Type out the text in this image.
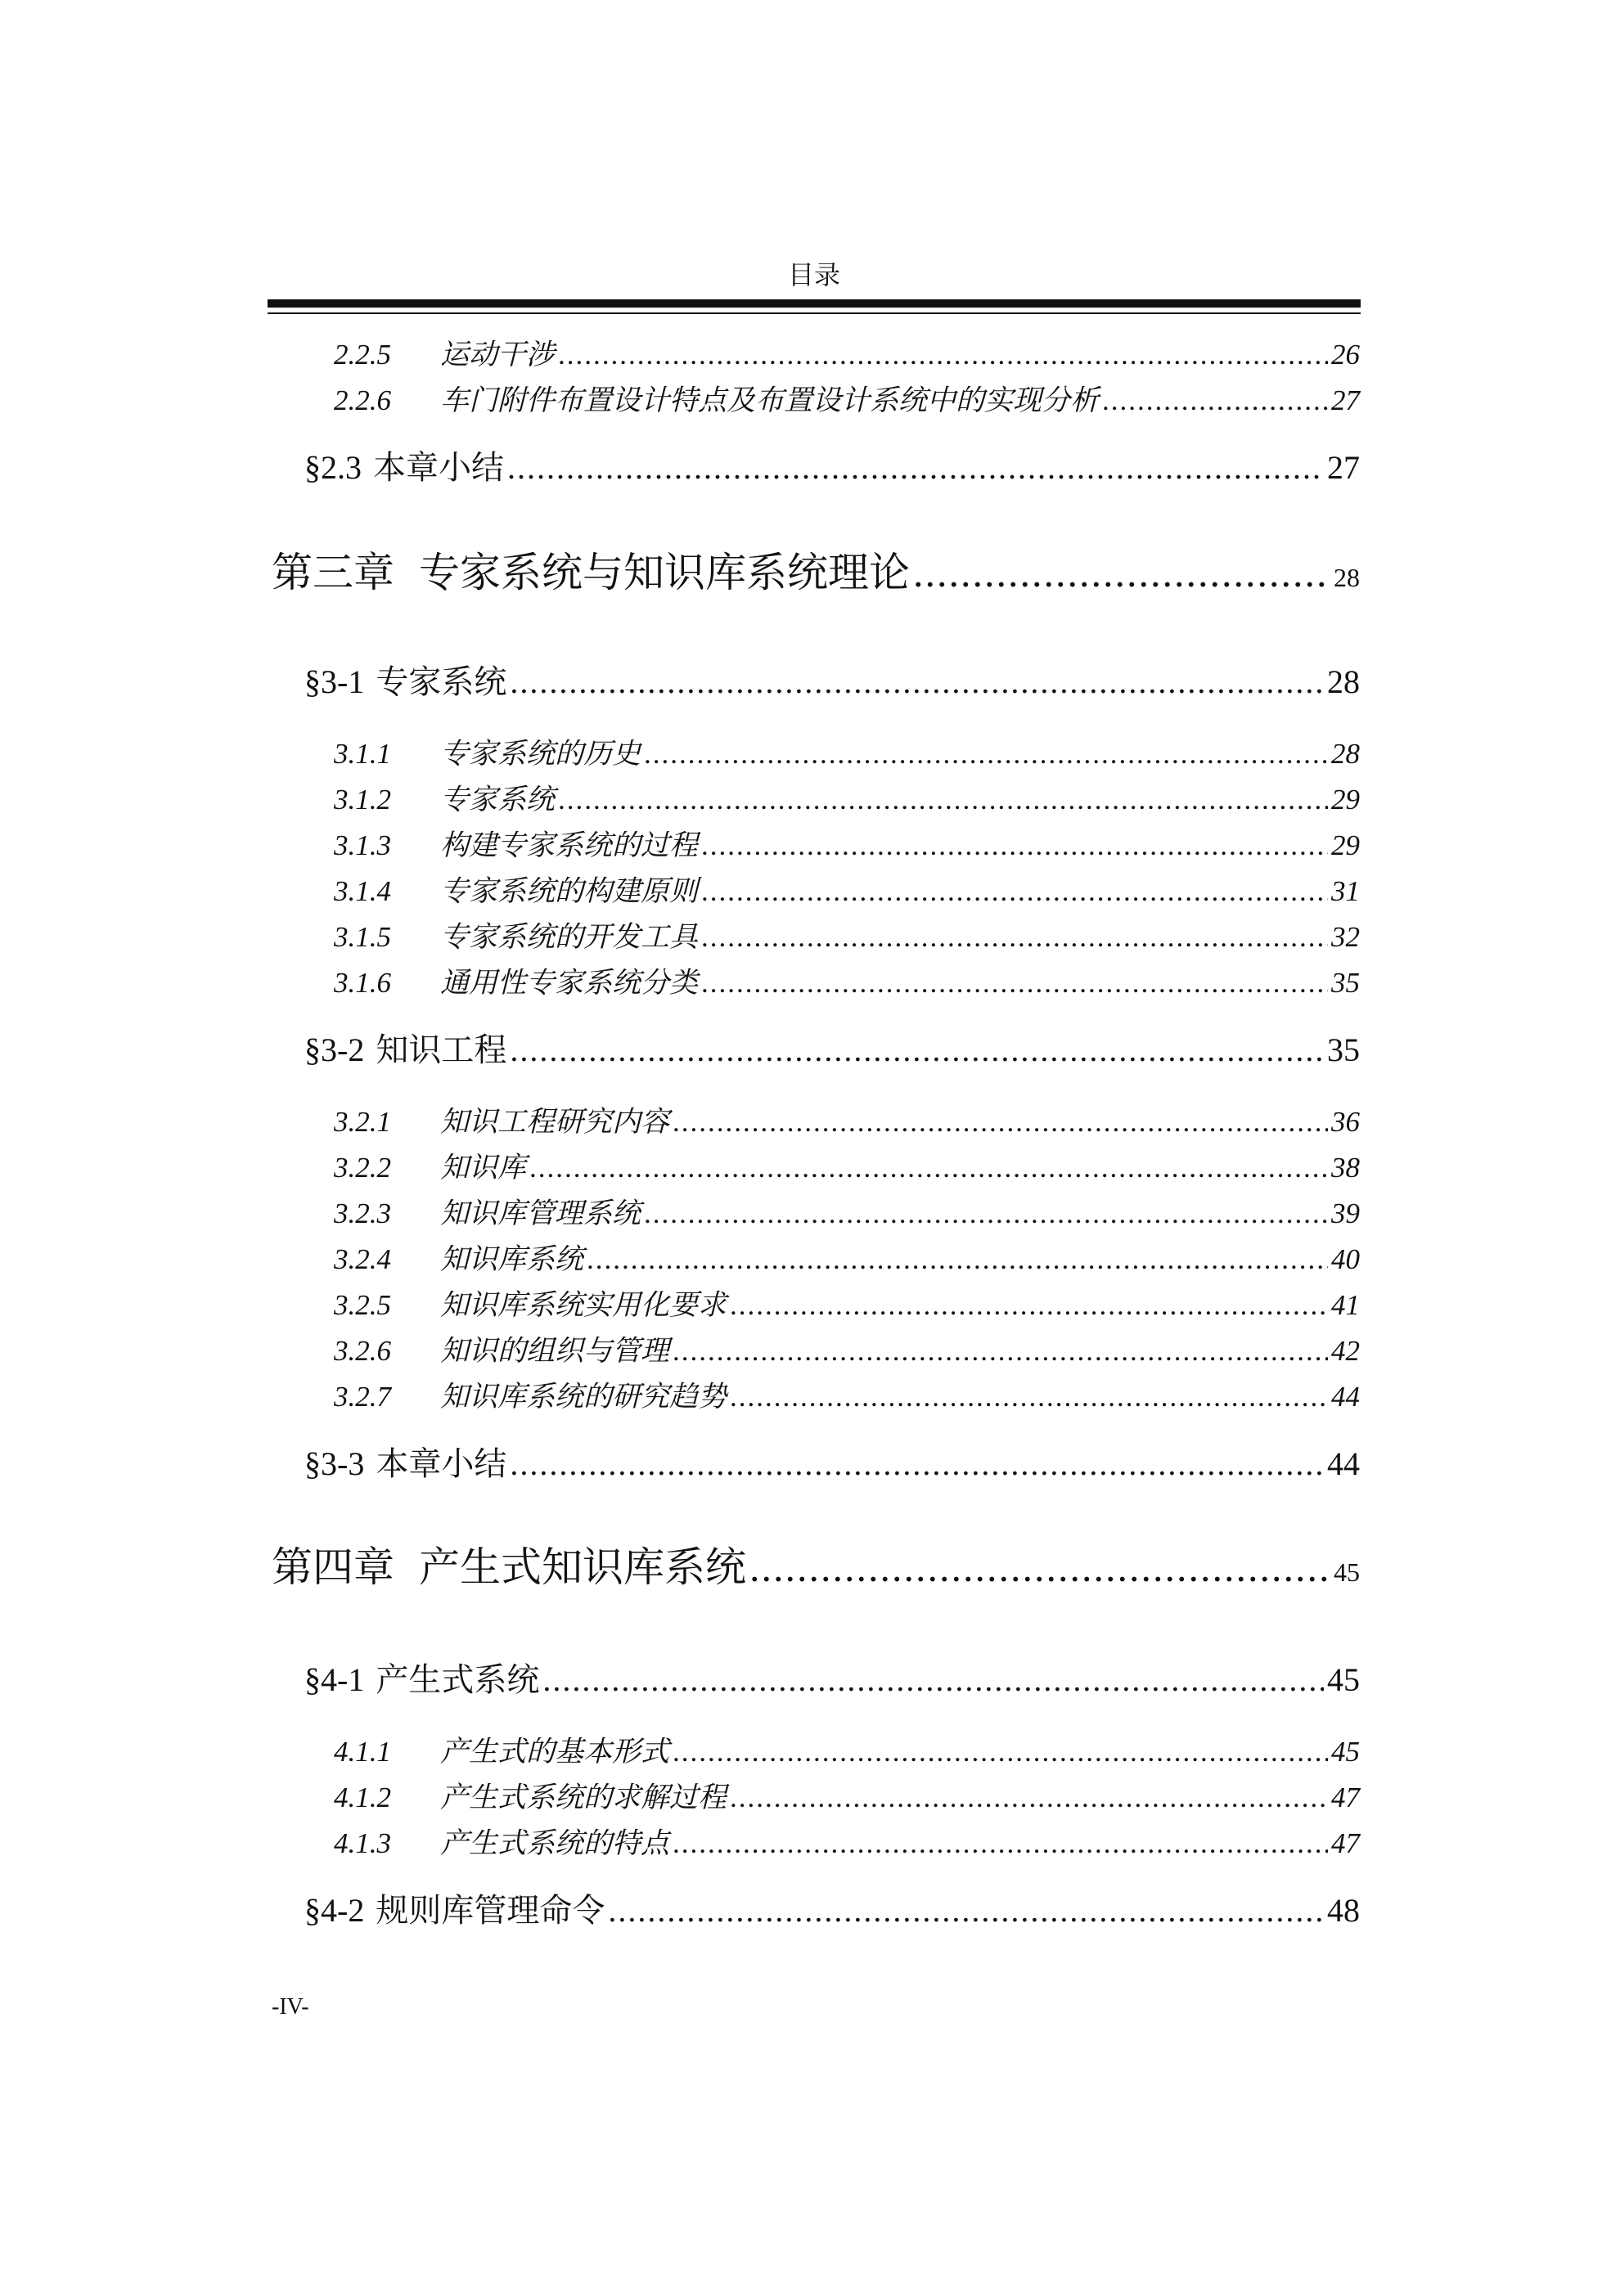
目录
2.2.5	运动干涉 .....	26
2.2.6	车门附件布置设计特点及布置设计系统中的实现分析 .....	27
§2.3 本章小结 .....	27
第三章 专家系统与知识库系统理论 .....	28
§3-1 专家系统 .....	28
3.1.1	专家系统的历史 .....	28
3.1.2	专家系统 .....	29
3.1.3	构建专家系统的过程 .....	29
3.1.4	专家系统的构建原则 .....	31
3.1.5	专家系统的开发工具 .....	32
3.1.6	通用性专家系统分类 .....	35
§3-2 知识工程 .....	35
3.2.1	知识工程研究内容 .....	36
3.2.2	知识库 .....	38
3.2.3	知识库管理系统 .....	39
3.2.4	知识库系统 .....	40
3.2.5	知识库系统实用化要求 .....	41
3.2.6	知识的组织与管理 .....	42
3.2.7	知识库系统的研究趋势 .....	44
§3-3 本章小结 .....	44
第四章 产生式知识库系统 .....	45
§4-1 产生式系统 .....	45
4.1.1	产生式的基本形式 .....	45
4.1.2	产生式系统的求解过程 .....	47
4.1.3	产生式系统的特点 .....	47
§4-2 规则库管理命令 .....	48
-IV-
